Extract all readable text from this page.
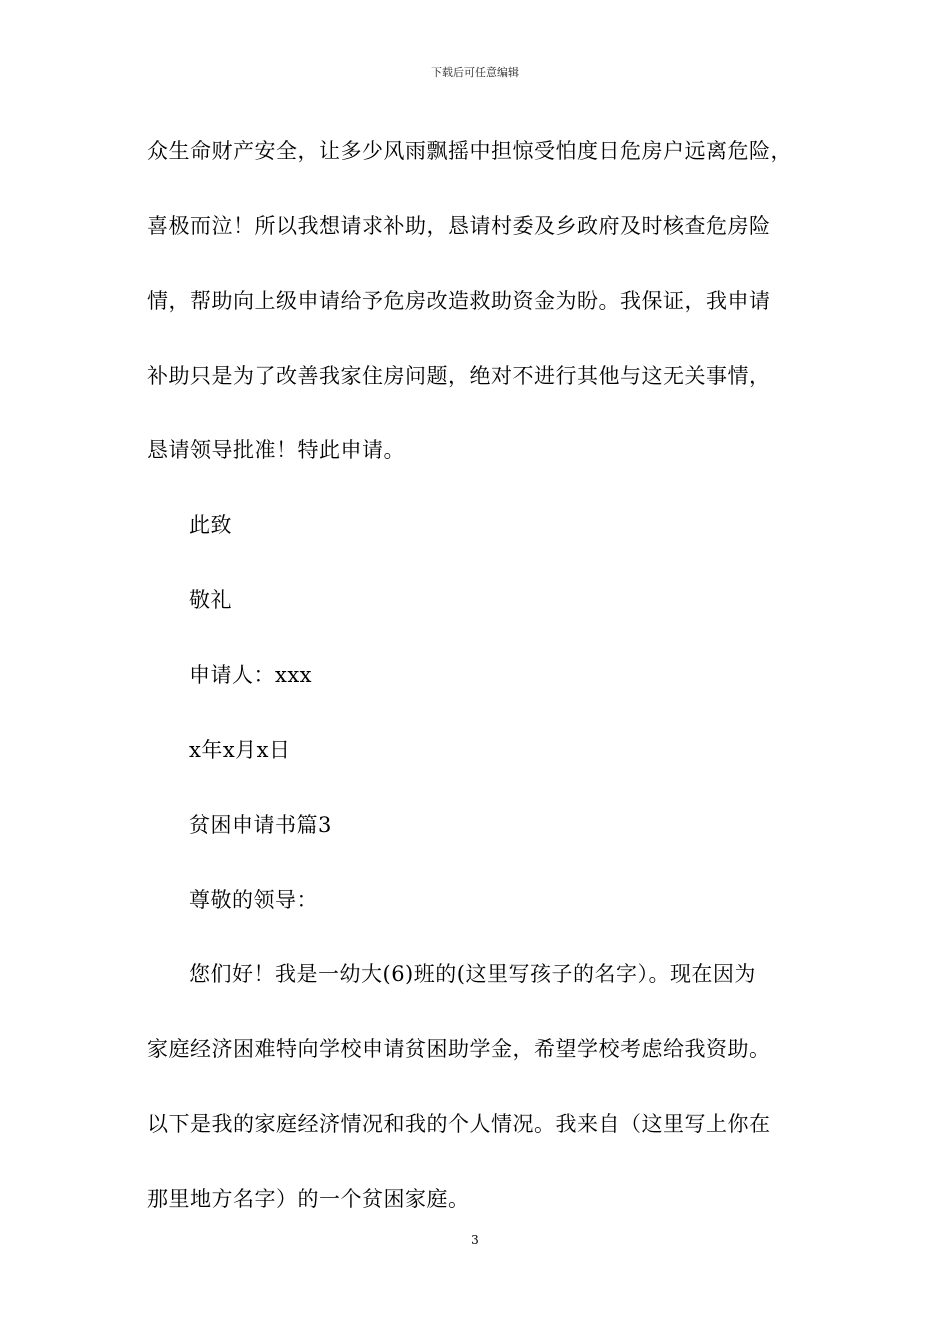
下载后可任意编辑
众生命财产安全，让多少风雨飘摇中担惊受怕度日危房户远离危险，
喜极而泣！所以我想请求补助，恳请村委及乡政府及时核查危房险
情，帮助向上级申请给予危房改造救助资金为盼。我保证，我申请
补助只是为了改善我家住房问题，绝对不进行其他与这无关事情，
恳请领导批准！特此申请。
此致
敬礼
申请人：xxx
x年x月x日
贫困申请书篇3
尊敬的领导：
您们好！我是一幼大(6)班的(这里写孩子的名字）。现在因为
家庭经济困难特向学校申请贫困助学金，希望学校考虑给我资助。
以下是我的家庭经济情况和我的个人情况。我来自（这里写上你在
那里地方名字）的一个贫困家庭。
3
